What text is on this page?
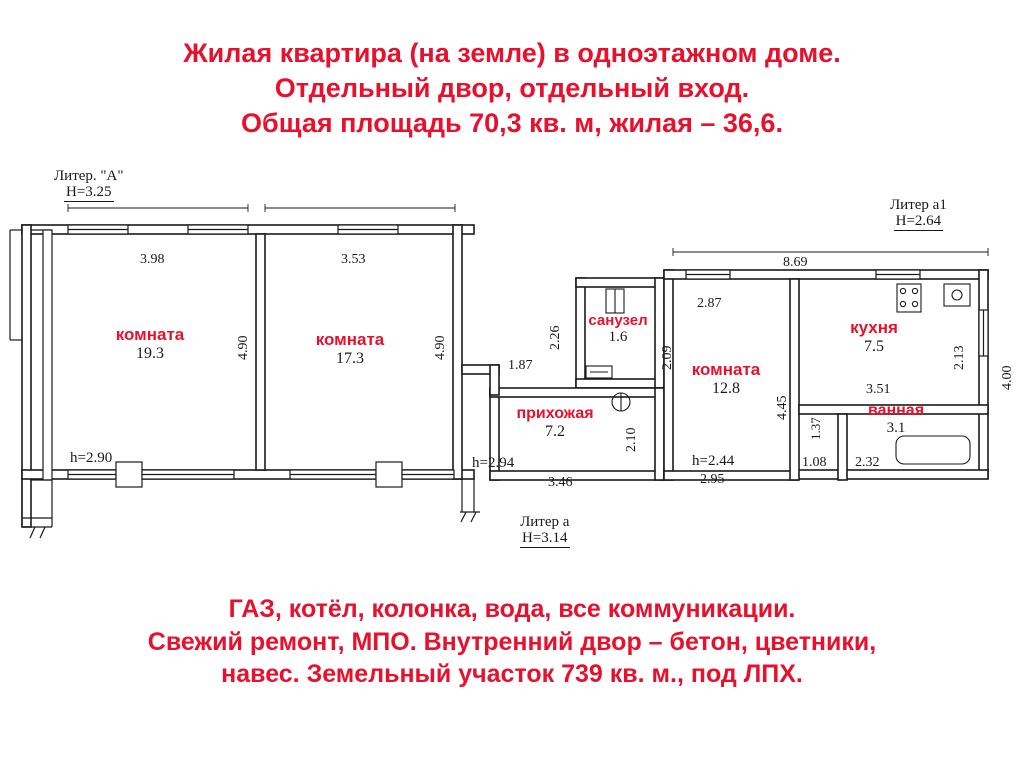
Жилая квартира (на земле) в одноэтажном доме.
Отдельный двор, отдельный вход.
Общая площадь 70,3 кв. м, жилая – 36,6.
Литер. "А"
H=3.25
Литер а1
H=2.64
Литер а
H=3.14
комната
19.3
комната
17.3
санузел
1.6
прихожая
7.2
комната
12.8
кухня
7.5
ванная
3.1
3.98	3.53
4.90	4.90
h=2.90	h=2.94
2.26
1.87
2.10
3.46
2.87
2.09
4.45
h=2.44
2.95
8.69
3.51
2.13
4.00
1.37
1.08 2.32
ГАЗ, котёл, колонка, вода, все коммуникации.
Свежий ремонт, МПО. Внутренний двор – бетон, цветники,
навес. Земельный участок 739 кв. м., под ЛПХ.
